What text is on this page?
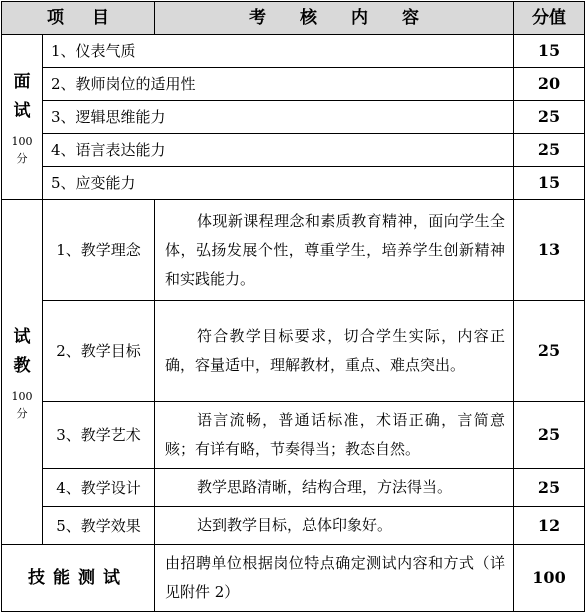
项目		考核内容	分值

面
试
100
分	1、仪表气质		15
	2、教师岗位的适用性		20
	3、逻辑思维能力		25
	4、语言表达能力		25
	5、应变能力		15

试
教
100
分	1、教学理念	体现新课程理念和素质教育精神，面向学生全体，弘扬发展个性，尊重学生，培养学生创新精神和实践能力。	13
	2、教学目标	符合教学目标要求，切合学生实际，内容正确，容量适中，理解教材，重点、难点突出。	25
	3、教学艺术	语言流畅，普通话标准，术语正确，言简意赅；有详有略，节奏得当；教态自然。	25
	4、教学设计	教学思路清晰，结构合理，方法得当。	25
	5、教学效果	达到教学目标，总体印象好。	12
技能测试		由招聘单位根据岗位特点确定测试内容和方式（详见附件 2）	100
